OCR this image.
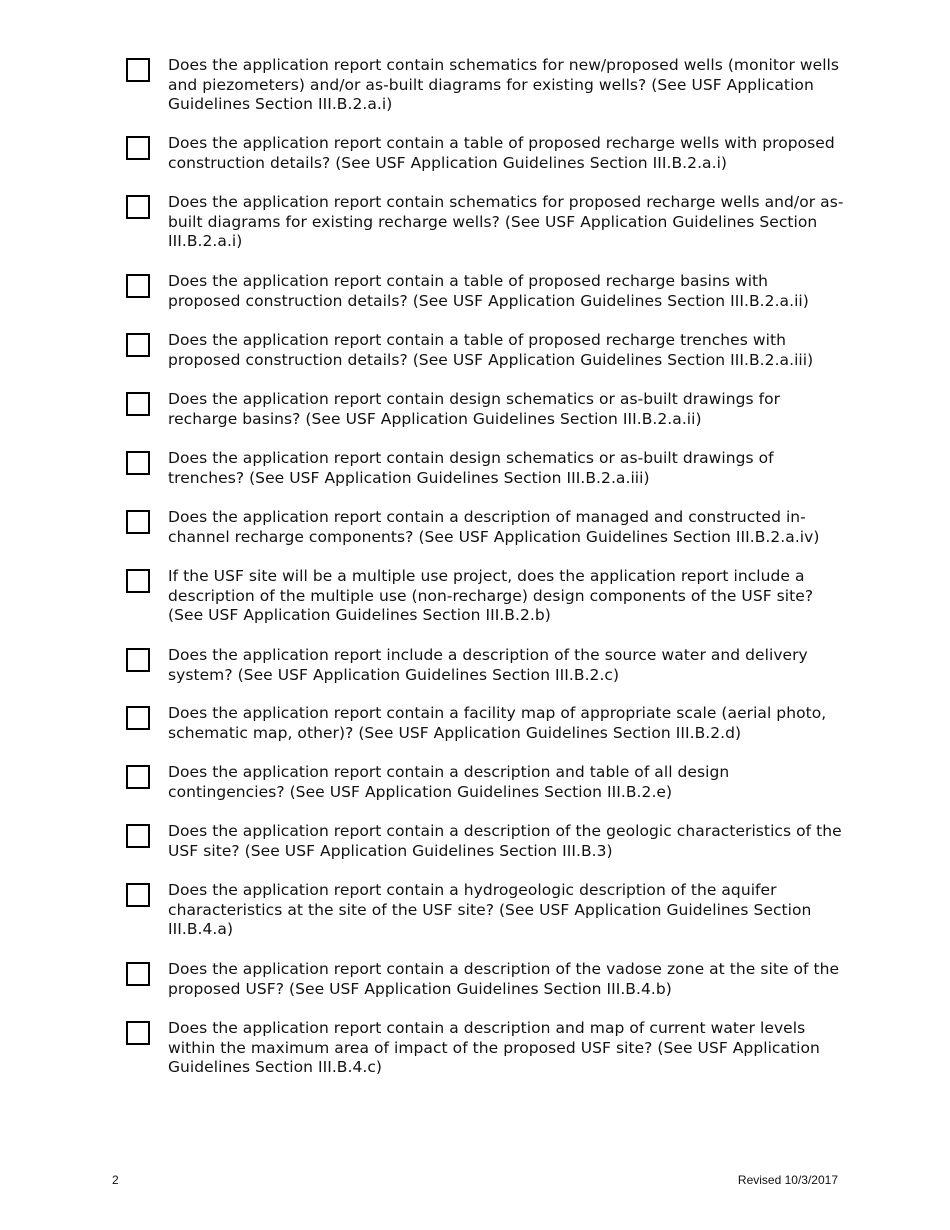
Does the application report contain schematics for new/proposed wells (monitor wells and piezometers) and/or as-built diagrams for existing wells? (See USF Application Guidelines Section III.B.2.a.i)
Does the application report contain a table of proposed recharge wells with proposed construction details? (See USF Application Guidelines Section III.B.2.a.i)
Does the application report contain schematics for proposed recharge wells and/or as-built diagrams for existing recharge wells? (See USF Application Guidelines Section III.B.2.a.i)
Does the application report contain a table of proposed recharge basins with proposed construction details? (See USF Application Guidelines Section III.B.2.a.ii)
Does the application report contain a table of proposed recharge trenches with proposed construction details? (See USF Application Guidelines Section III.B.2.a.iii)
Does the application report contain design schematics or as-built drawings for recharge basins? (See USF Application Guidelines Section III.B.2.a.ii)
Does the application report contain design schematics or as-built drawings of trenches? (See USF Application Guidelines Section III.B.2.a.iii)
Does the application report contain a description of managed and constructed in-channel recharge components? (See USF Application Guidelines Section III.B.2.a.iv)
If the USF site will be a multiple use project, does the application report include a description of the multiple use (non-recharge) design components of the USF site? (See USF Application Guidelines Section III.B.2.b)
Does the application report include a description of the source water and delivery system? (See USF Application Guidelines Section III.B.2.c)
Does the application report contain a facility map of appropriate scale (aerial photo, schematic map, other)? (See USF Application Guidelines Section III.B.2.d)
Does the application report contain a description and table of all design contingencies? (See USF Application Guidelines Section III.B.2.e)
Does the application report contain a description of the geologic characteristics of the USF site? (See USF Application Guidelines Section III.B.3)
Does the application report contain a hydrogeologic description of the aquifer characteristics at the site of the USF site? (See USF Application Guidelines Section III.B.4.a)
Does the application report contain a description of the vadose zone at the site of the proposed USF? (See USF Application Guidelines Section III.B.4.b)
Does the application report contain a description and map of current water levels within the maximum area of impact of the proposed USF site? (See USF Application Guidelines Section III.B.4.c)
2	Revised 10/3/2017
